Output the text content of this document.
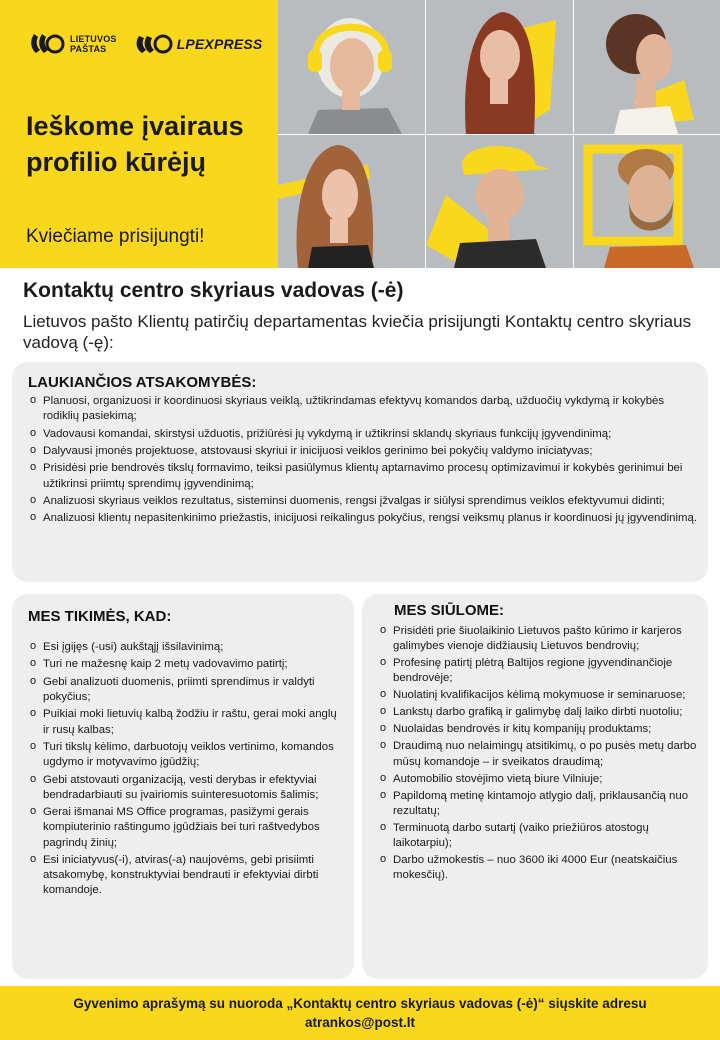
LIETUVOS
PAŠTAS	LPEXPRESS
Ieškome įvairaus
profilio kūrėjų
Kviečiame prisijungti!
Kontaktų centro skyriaus vadovas (-ė)

Lietuvos pašto Klientų patirčių departamentas kviečia prisijungti Kontaktų centro skyriaus vadovą (-ę):

LAUKIANČIOS ATSAKOMYBĖS:
o Planuosi, organizuosi ir koordinuosi skyriaus veiklą, užtikrindamas efektyvų komandos darbą, užduočių vykdymą ir kokybės rodiklių pasiekimą;
o Vadovausi komandai, skirstysi užduotis, prižiūrėsi jų vykdymą ir užtikrinsi sklandų skyriaus funkcijų įgyvendinimą;
o Dalyvausi įmonės projektuose, atstovausi skyriui ir inicijuosi veiklos gerinimo bei pokyčių valdymo iniciatyvas;
o Prisidėsi prie bendrovės tikslų formavimo, teiksi pasiūlymus klientų aptarnavimo procesų optimizavimui ir kokybės gerinimui bei užtikrinsi priimtų sprendimų įgyvendinimą;
o Analizuosi skyriaus veiklos rezultatus, sisteminsi duomenis, rengsi įžvalgas ir siūlysi sprendimus veiklos efektyvumui didinti;
o Analizuosi klientų nepasitenkinimo priežastis, inicijuosi reikalingus pokyčius, rengsi veiksmų planus ir koordinuosi jų įgyvendinimą.
MES TIKIMĖS, KAD:
o Esi įgijęs (-usi) aukštąjį išsilavinimą;
o Turi ne mažesnę kaip 2 metų vadovavimo patirtį;
o Gebi analizuoti duomenis, priimti sprendimus ir valdyti pokyčius;
o Puikiai moki lietuvių kalbą žodžiu ir raštu, gerai moki anglų ir rusų kalbas;
o Turi tikslų kėlimo, darbuotojų veiklos vertinimo, komandos ugdymo ir motyvavimo įgūdžių;
o Gebi atstovauti organizaciją, vesti derybas ir efektyviai bendradarbiauti su įvairiomis suinteresuotomis šalimis;
o Gerai išmanai MS Office programas, pasižymi gerais kompiuterinio raštingumo įgūdžiais bei turi raštvedybos pagrindų žinių;
o Esi iniciatyvus(-i), atviras(-a) naujovėms, gebi prisiimti atsakomybę, konstruktyviai bendrauti ir efektyviai dirbti komandoje.
MES SIŪLOME:
o Prisidėti prie šiuolaikinio Lietuvos pašto kūrimo ir karjeros galimybes vienoje didžiausių Lietuvos bendrovių;
o Profesinę patirtį plėtrą Baltijos regione įgyvendinančioje bendrovėje;
o Nuolatinį kvalifikacijos kėlimą mokymuose ir seminaruose;
o Lankstų darbo grafiką ir galimybę dalį laiko dirbti nuotoliu;
o Nuolaidas bendrovės ir kitų kompanijų produktams;
o Draudimą nuo nelaimingų atsitikimų, o po pusės metų darbo mūsų komandoje – ir sveikatos draudimą;
o Automobilio stovėjimo vietą biure Vilniuje;
o Papildomą metinę kintamojo atlygio dalį, priklausančią nuo rezultatų;
o Terminuotą darbo sutartį (vaiko priežiūros atostogų laikotarpiu);
o Darbo užmokestis – nuo 3600 iki 4000 Eur (neatskaičius mokesčių).

Gyvenimo aprašymą su nuoroda „Kontaktų centro skyriaus vadovas (-ė)“ siųskite adresu

atrankos@post.lt
